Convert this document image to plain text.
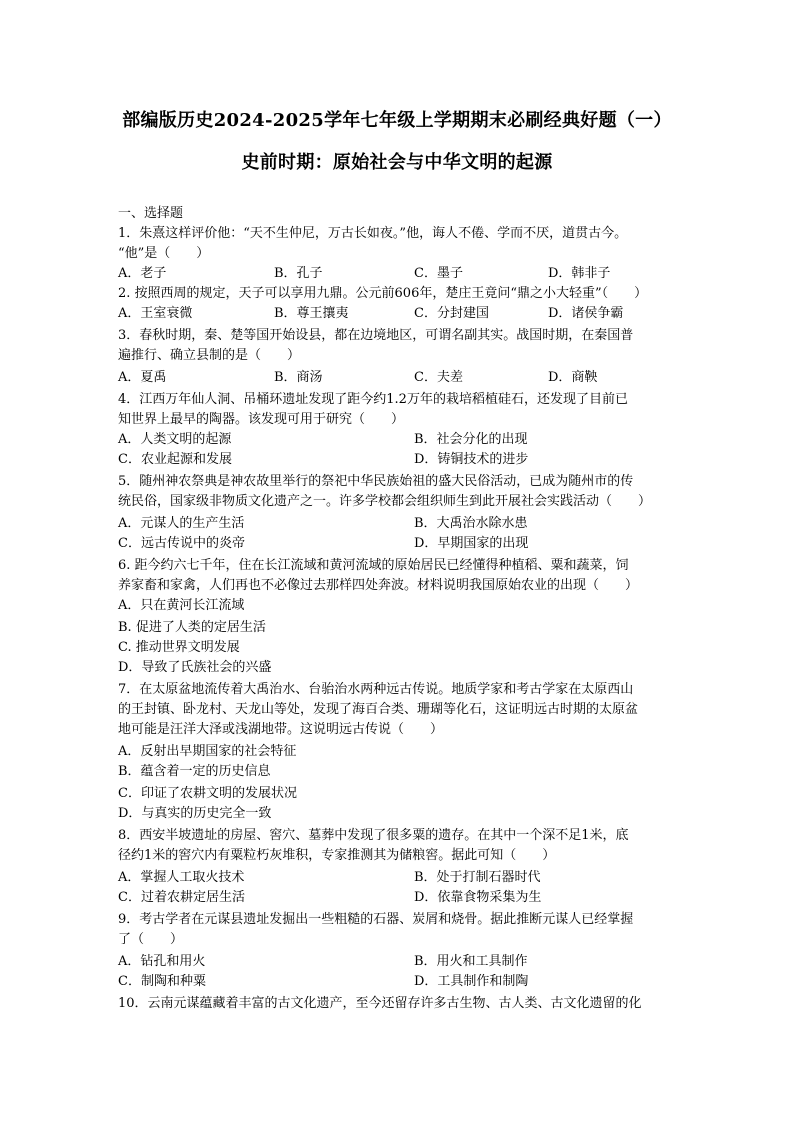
部编版历史2024-2025学年七年级上学期期末必刷经典好题（一）
史前时期：原始社会与中华文明的起源
一、选择题
1．朱熹这样评价他：“天不生仲尼，万古长如夜。”他，诲人不倦、学而不厌，道贯古今。
“他”是（　　）
A．老子	B．孔子	C．墨子	D．韩非子
2. 按照西周的规定，天子可以享用九鼎。公元前606年，楚庄王竟问“鼎之小大轻重”（　　）
A．王室衰微	B．尊王攘夷	C．分封建国	D．诸侯争霸
3．春秋时期，秦、楚等国开始设县，都在边境地区，可谓名副其实。战国时期，在秦国普
遍推行、确立县制的是（　　）
A．夏禹	B．商汤	C．夫差	D．商鞅
4．江西万年仙人洞、吊桶环遗址发现了距今约1.2万年的栽培稻植硅石，还发现了目前已
知世界上最早的陶器。该发现可用于研究（　　）
A．人类文明的起源	B．社会分化的出现
C．农业起源和发展	D．铸铜技术的进步
5．随州神农祭典是神农故里举行的祭祀中华民族始祖的盛大民俗活动，已成为随州市的传
统民俗，国家级非物质文化遗产之一。许多学校都会组织师生到此开展社会实践活动（　　）
A．元谋人的生产生活	B．大禹治水除水患
C．远古传说中的炎帝	D．早期国家的出现
6. 距今约六七千年，住在长江流域和黄河流域的原始居民已经懂得种植稻、粟和蔬菜，饲
养家畜和家禽，人们再也不必像过去那样四处奔波。材料说明我国原始农业的出现（　　）
A．只在黄河长江流域
B. 促进了人类的定居生活
C. 推动世界文明发展
D．导致了氏族社会的兴盛
7．在太原盆地流传着大禹治水、台骀治水两种远古传说。地质学家和考古学家在太原西山
的王封镇、卧龙村、天龙山等处，发现了海百合类、珊瑚等化石，这证明远古时期的太原盆
地可能是汪洋大泽或浅湖地带。这说明远古传说（　　）
A．反射出早期国家的社会特征
B．蕴含着一定的历史信息
C．印证了农耕文明的发展状况
D．与真实的历史完全一致
8．西安半坡遗址的房屋、窖穴、墓葬中发现了很多粟的遗存。在其中一个深不足1米，底
径约1米的窖穴内有粟粒朽灰堆积，专家推测其为储粮窖。据此可知（　　）
A．掌握人工取火技术	B．处于打制石器时代
C．过着农耕定居生活	D．依靠食物采集为生
9．考古学者在元谋县遗址发掘出一些粗糙的石器、炭屑和烧骨。据此推断元谋人已经掌握
了（　　）
A．钻孔和用火	B．用火和工具制作
C．制陶和种粟	D．工具制作和制陶
10．云南元谋蕴藏着丰富的古文化遗产，至今还留存许多古生物、古人类、古文化遗留的化
